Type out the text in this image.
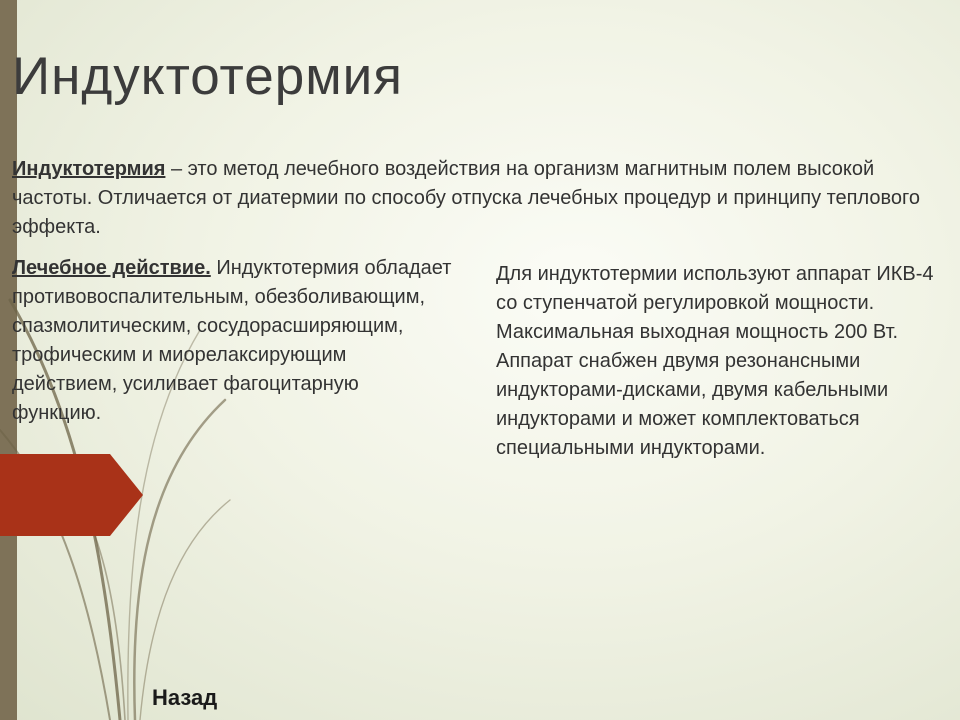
Индуктотермия
Индуктотермия – это метод лечебного воздействия на организм магнитным полем высокой частоты. Отличается от диатермии по способу отпуска лечебных процедур и принципу теплового эффекта.
Лечебное действие. Индуктотермия обладает противовоспалительным, обезболивающим, спазмолитическим, сосудорасширяющим, трофическим и миорелаксирующим действием, усиливает фагоцитарную функцию.
Для индуктотермии используют аппарат ИКВ-4 со ступенчатой регулировкой мощности. Максимальная выходная мощность 200 Вт. Аппарат снабжен двумя резонансными индукторами-дисками, двумя кабельными индукторами и может комплектоваться специальными индукторами.
Назад
